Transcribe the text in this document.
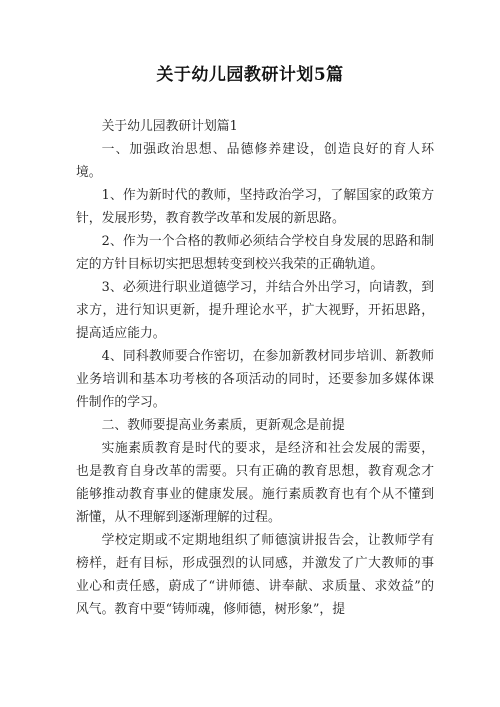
关于幼儿园教研计划5篇

关于幼儿园教研计划篇1

一、加强政治思想、品德修养建设，创造良好的育人环境。

1、作为新时代的教师，坚持政治学习，了解国家的政策方针，发展形势，教育教学改革和发展的新思路。

2、作为一个合格的教师必须结合学校自身发展的思路和制定的方针目标切实把思想转变到校兴我荣的正确轨道。

3、必须进行职业道德学习，并结合外出学习，向请教，到求方，进行知识更新，提升理论水平，扩大视野，开拓思路，提高适应能力。

4、同科教师要合作密切，在参加新教材同步培训、新教师业务培训和基本功考核的各项活动的同时，还要参加多媒体课件制作的学习。

二、教师要提高业务素质，更新观念是前提

实施素质教育是时代的要求，是经济和社会发展的需要，也是教育自身改革的需要。只有正确的教育思想，教育观念才能够推动教育事业的健康发展。施行素质教育也有个从不懂到渐懂，从不理解到逐渐理解的过程。

学校定期或不定期地组织了师德演讲报告会，让教师学有榜样，赶有目标，形成强烈的认同感，并激发了广大教师的事业心和责任感，蔚成了“讲师德、讲奉献、求质量、求效益”的风气。教育中要“铸师魂，修师德，树形象”，提
